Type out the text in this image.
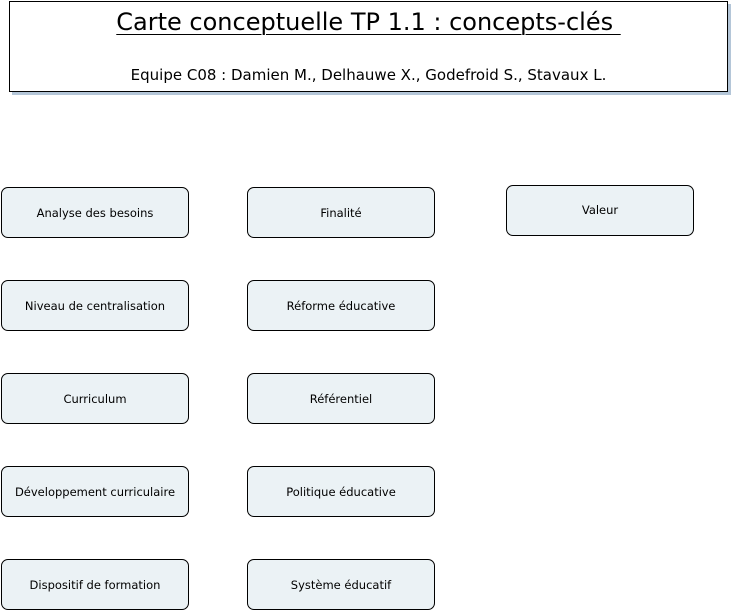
Carte conceptuelle TP 1.1 : concepts-clés
Equipe C08 : Damien M., Delhauwe X., Godefroid S., Stavaux L.
Analyse des besoins
Niveau de centralisation
Curriculum
Développement curriculaire
Dispositif de formation
Finalité
Réforme éducative
Référentiel
Politique éducative
Système éducatif
Valeur
